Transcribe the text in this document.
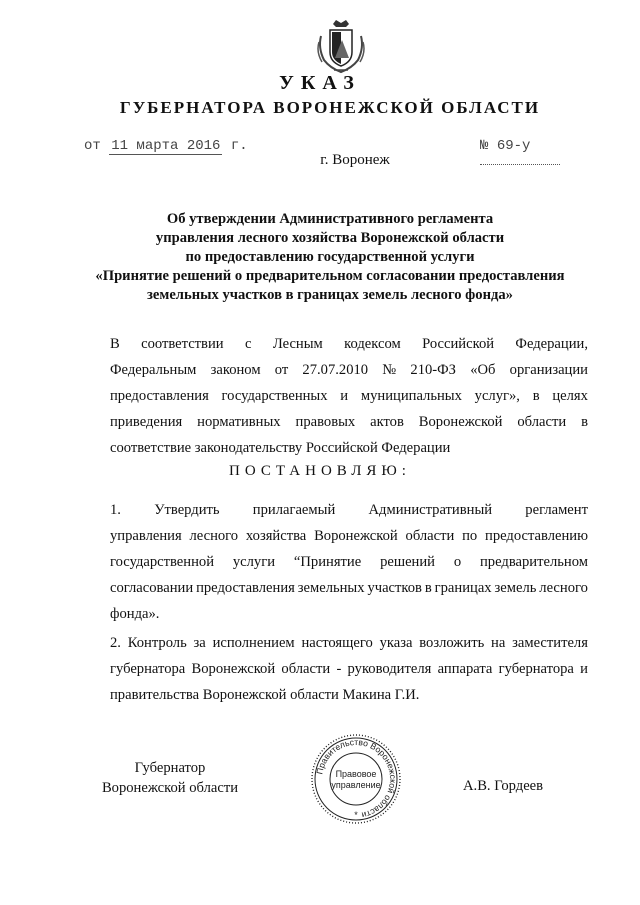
УКАЗ
ГУБЕРНАТОРА ВОРОНЕЖСКОЙ ОБЛАСТИ
от 11 марта 2016 г.	№ 69-у
г. Воронеж
Об утверждении Административного регламента
управления лесного хозяйства Воронежской области
по предоставлению государственной услуги
«Принятие решений о предварительном согласовании предоставления
земельных участков в границах земель лесного фонда»
В соответствии с Лесным кодексом Российской Федерации,
Федеральным законом от 27.07.2010 № 210-ФЗ «Об организации
предоставления государственных и муниципальных услуг», в целях
приведения нормативных правовых актов Воронежской области в
соответствие законодательству Российской Федерации
ПОСТАНОВЛЯЮ:
1. Утвердить прилагаемый Административный регламент
управления лесного хозяйства Воронежской области по предоставлению
государственной услуги “Принятие решений о предварительном
согласовании предоставления земельных участков в границах земель лесного
фонда».
2. Контроль за исполнением настоящего указа возложить на заместителя
губернатора Воронежской области - руководителя аппарата губернатора и
правительства Воронежской области Макина Г.И.
Губернатор
Воронежской области
Правительство Воронежской области
Правовое
управление
*
А.В. Гордеев
